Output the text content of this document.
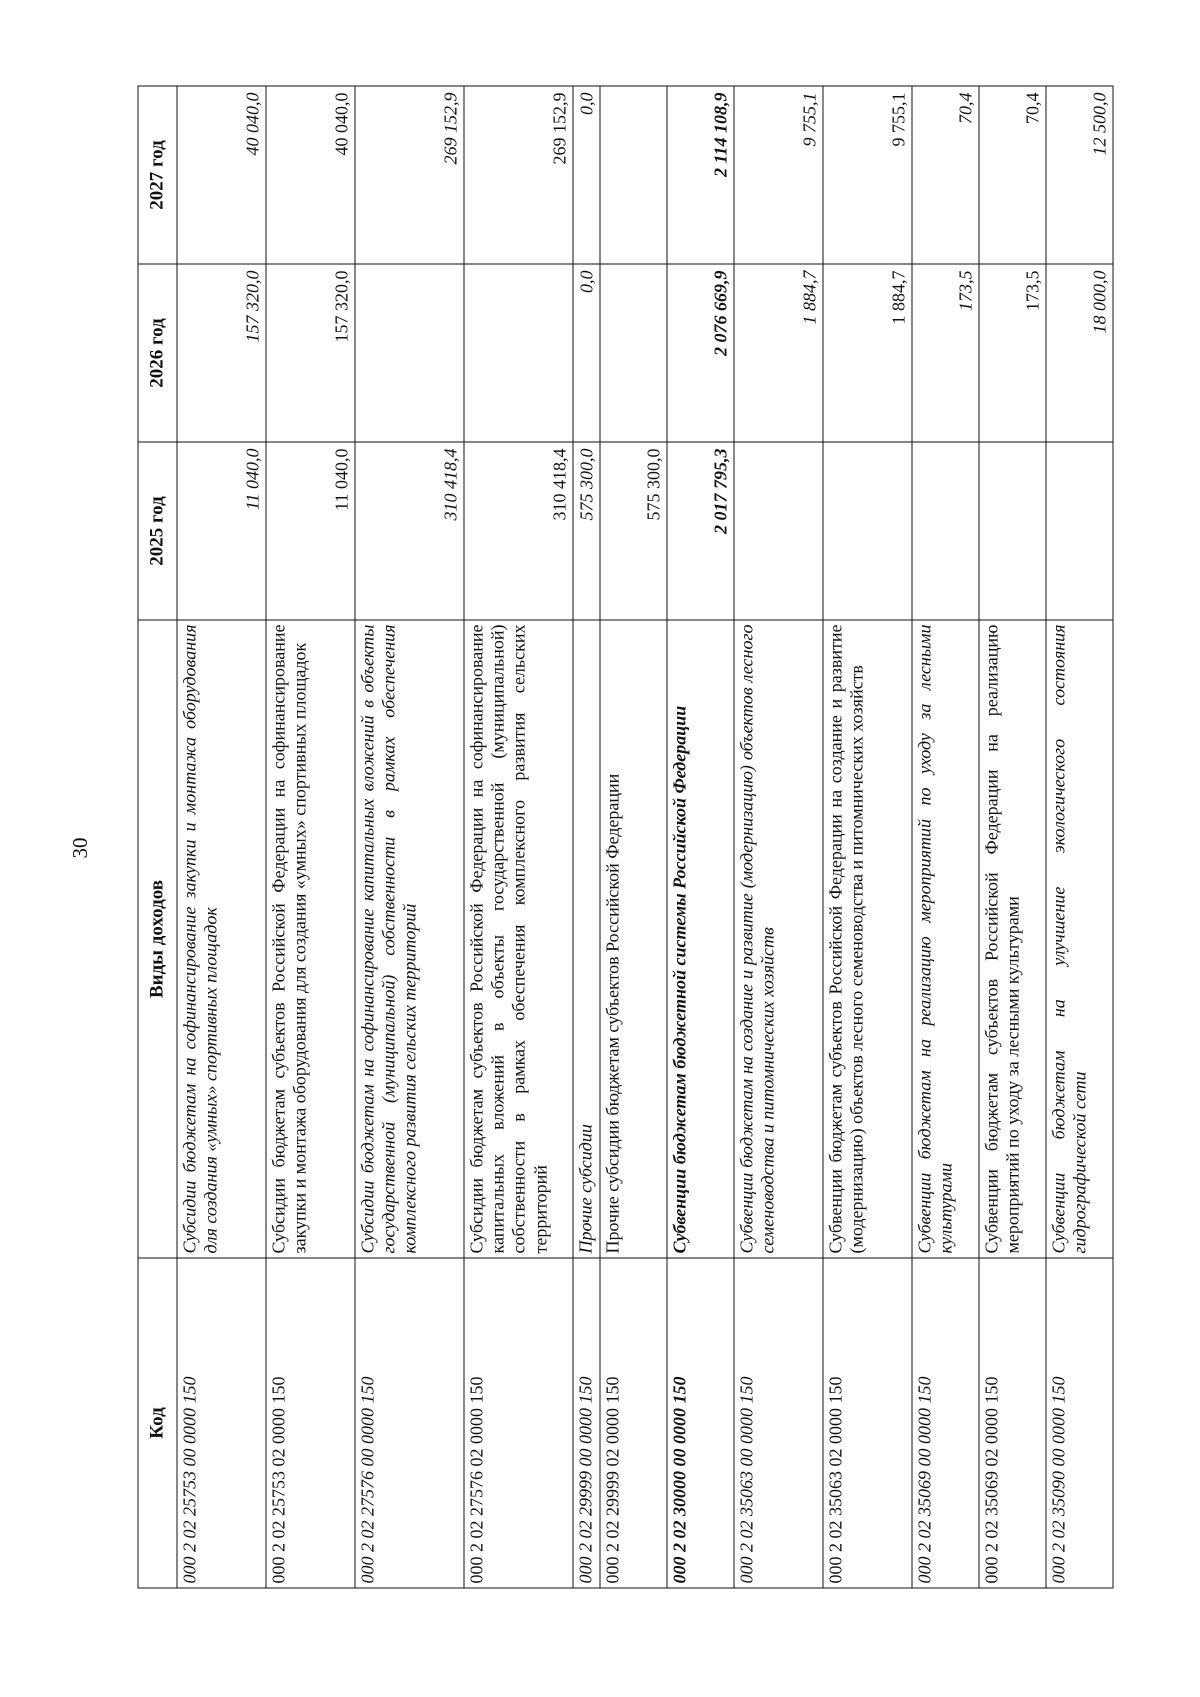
30
Код	Виды доходов	2025 год	2026 год	2027 год
000 2 02 25753 00 0000 150	Субсидии бюджетам на софинансирование закупки и монтажа оборудования для создания «умных» спортивных площадок	11 040,0	157 320,0	40 040,0
000 2 02 25753 02 0000 150	Субсидии бюджетам субъектов Российской Федерации на софинансирование закупки и монтажа оборудования для создания «умных» спортивных площадок	11 040,0	157 320,0	40 040,0
000 2 02 27576 00 0000 150	Субсидии бюджетам на софинансирование капитальных вложений в объекты государственной (муниципальной) собственности в рамках обеспечения комплексного развития сельских территорий	310 418,4		269 152,9
000 2 02 27576 02 0000 150	Субсидии бюджетам субъектов Российской Федерации на софинансирование капитальных вложений в объекты государственной (муниципальной) собственности в рамках обеспечения комплексного развития сельских территорий	310 418,4		269 152,9
000 2 02 29999 00 0000 150	Прочие субсидии	575 300,0	0,0	0,0
000 2 02 29999 02 0000 150	Прочие субсидии бюджетам субъектов Российской Федерации	575 300,0		
000 2 02 30000 00 0000 150	Субвенции бюджетам бюджетной системы Российской Федерации	2 017 795,3	2 076 669,9	2 114 108,9
000 2 02 35063 00 0000 150	Субвенции бюджетам на создание и развитие (модернизацию) объектов лесного семеноводства и питомнических хозяйств		1 884,7	9 755,1
000 2 02 35063 02 0000 150	Субвенции бюджетам субъектов Российской Федерации на создание и развитие (модернизацию) объектов лесного семеноводства и питомнических хозяйств		1 884,7	9 755,1
000 2 02 35069 00 0000 150	Субвенции бюджетам на реализацию мероприятий по уходу за лесными культурами		173,5	70,4
000 2 02 35069 02 0000 150	Субвенции бюджетам субъектов Российской Федерации на реализацию мероприятий по уходу за лесными культурами		173,5	70,4
000 2 02 35090 00 0000 150	Субвенции бюджетам на улучшение экологического состояния гидрографической сети		18 000,0	12 500,0
